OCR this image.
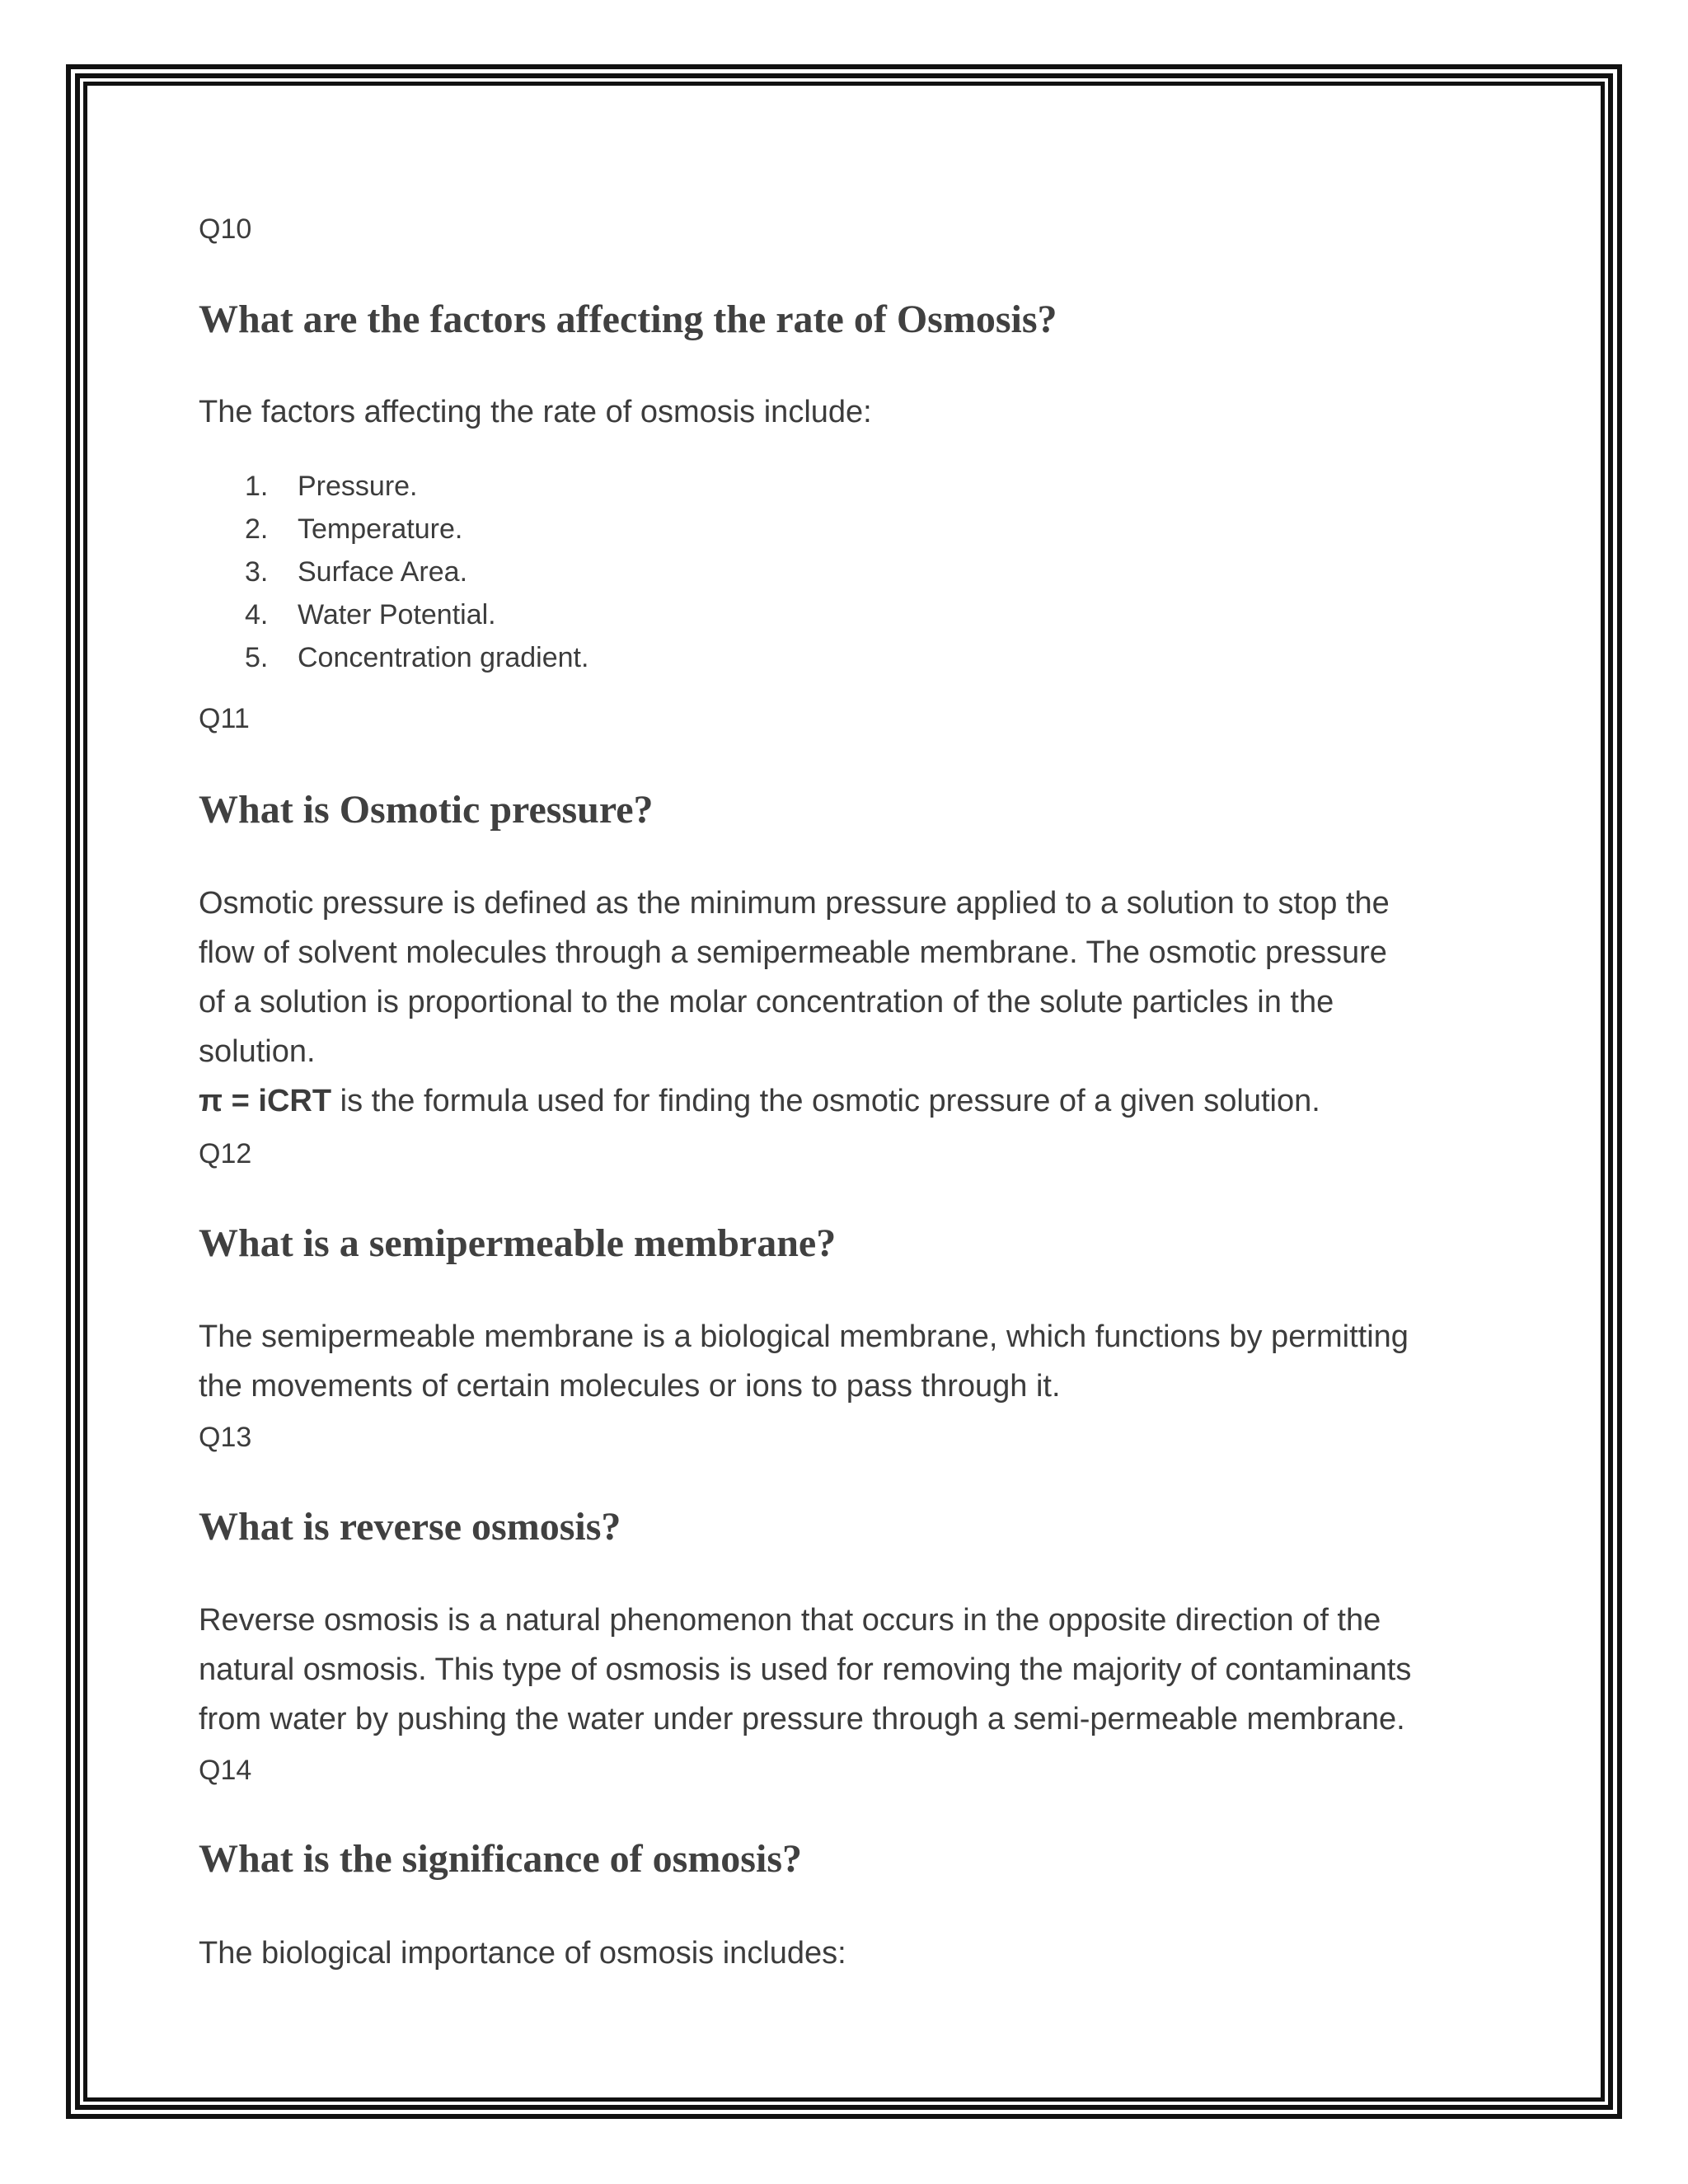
Q10
What are the factors affecting the rate of Osmosis?

The factors affecting the rate of osmosis include:

1. Pressure.
2. Temperature.
3. Surface Area.
4. Water Potential.
5. Concentration gradient.
Q11
What is Osmotic pressure?
Osmotic pressure is defined as the minimum pressure applied to a solution to stop the
flow of solvent molecules through a semipermeable membrane. The osmotic pressure
of a solution is proportional to the molar concentration of the solute particles in the
solution.
π = iCRT is the formula used for finding the osmotic pressure of a given solution.
Q12
What is a semipermeable membrane?
The semipermeable membrane is a biological membrane, which functions by permitting
the movements of certain molecules or ions to pass through it.
Q13
What is reverse osmosis?
Reverse osmosis is a natural phenomenon that occurs in the opposite direction of the
natural osmosis. This type of osmosis is used for removing the majority of contaminants
from water by pushing the water under pressure through a semi-permeable membrane.
Q14
What is the significance of osmosis?

The biological importance of osmosis includes:
